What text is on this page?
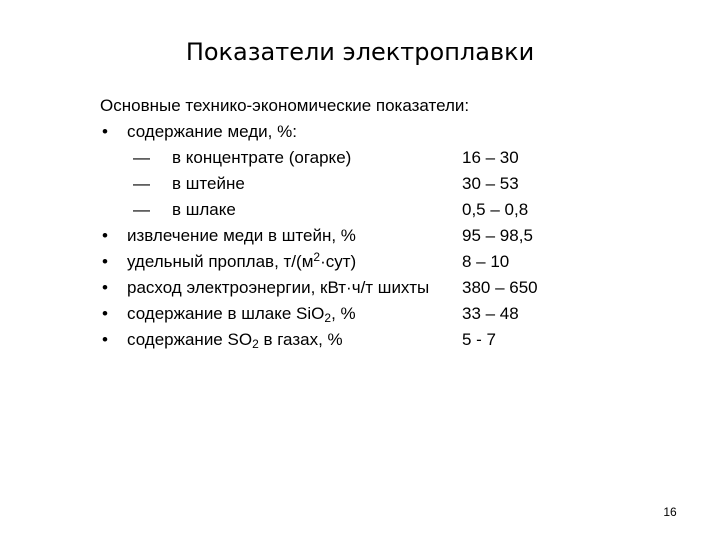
Показатели электроплавки
Основные технико-экономические показатели:
• содержание меди, %:
— в концентрате (огарке)	16 – 30
— в штейне	30 – 53
— в шлаке	0,5 – 0,8
• извлечение меди в штейн, %	95 – 98,5
• удельный проплав, $т/(м^2\cdot сут)$	8 – 10
• расход электроэнергии, кВт·ч/т шихты 380 – 650
• содержание в шлаке SiO$_2$, %	33 – 48
• содержание $SO_2$ в газах, %	5 - 7
16
